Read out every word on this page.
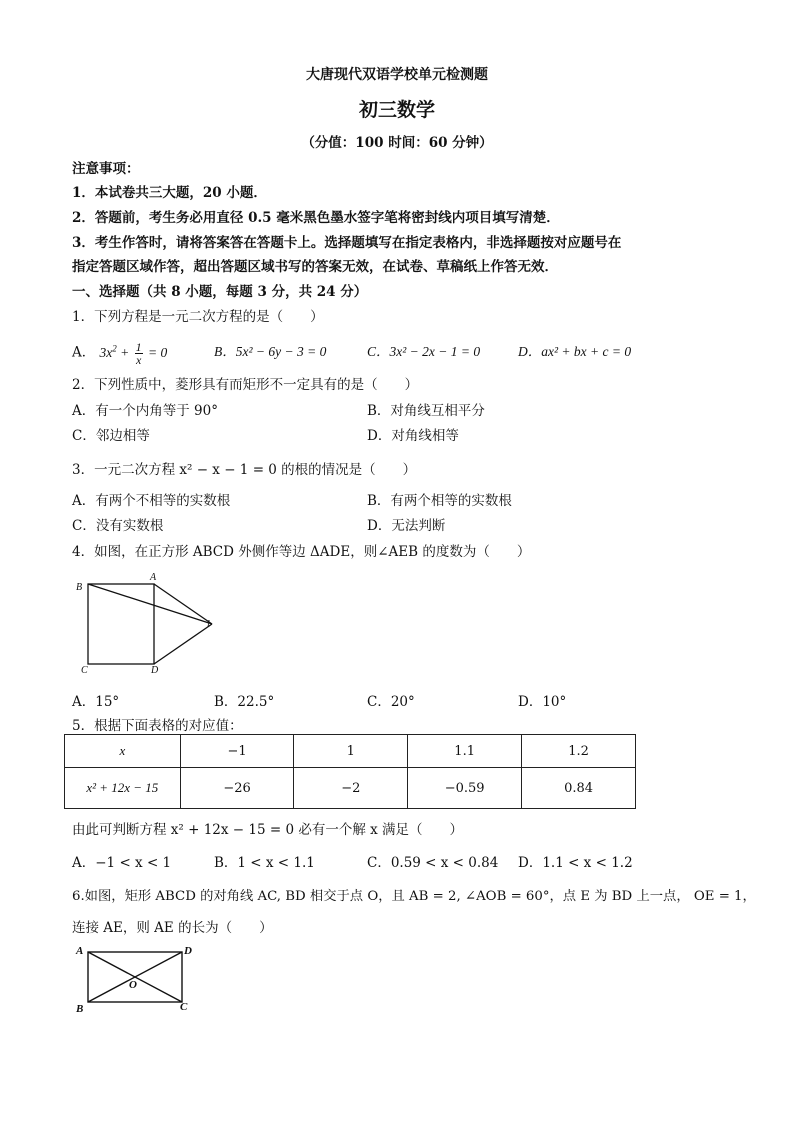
大唐现代双语学校单元检测题
初三数学
（分值：100 时间：60 分钟）
注意事项：
1．本试卷共三大题，20 小题．
2．答题前，考生务必用直径 0.5 毫米黑色墨水签字笔将密封线内项目填写清楚．
3．考生作答时，请将答案答在答题卡上。选择题填写在指定表格内，非选择题按对应题号在
指定答题区域作答，超出答题区域书写的答案无效，在试卷、草稿纸上作答无效．
一、选择题（共 8 小题，每题 3 分，共 24 分）
1．下列方程是一元二次方程的是（　　）
A． $3x^2 + \frac{1}{x} = 0$	B．5x² − 6y − 3 = 0	C．3x² − 2x − 1 = 0	D．ax² + bx + c = 0
2．下列性质中，菱形具有而矩形不一定具有的是（　　）
A．有一个内角等于 90°	B．对角线互相平分
C．邻边相等	D．对角线相等
3．一元二次方程 x² − x − 1 = 0 的根的情况是（　　）
A．有两个不相等的实数根	B．有两个相等的实数根
C．没有实数根	D．无法判断
4．如图，在正方形 ABCD 外侧作等边 ΔADE，则∠AEB 的度数为（　　）
B
A
l
C	D
A．15°	B．22.5°	C．20°	D．10°
5．根据下面表格的对应值：
x	−1	1	1.1	1.2
x² + 12x − 15	−26	−2	−0.59	0.84
由此可判断方程 x² + 12x − 15 = 0 必有一个解 x 满足（　　）
A．−1 < x < 1	B．1 < x < 1.1	C．0.59 < x < 0.84 D．1.1 < x < 1.2
6.如图，矩形 ABCD 的对角线 AC, BD 相交于点 O，且 AB = 2, ∠AOB = 60°，点 E 为 BD 上一点， OE = 1，
连接 AE，则 AE 的长为（　　）
A	D
O
B	C
